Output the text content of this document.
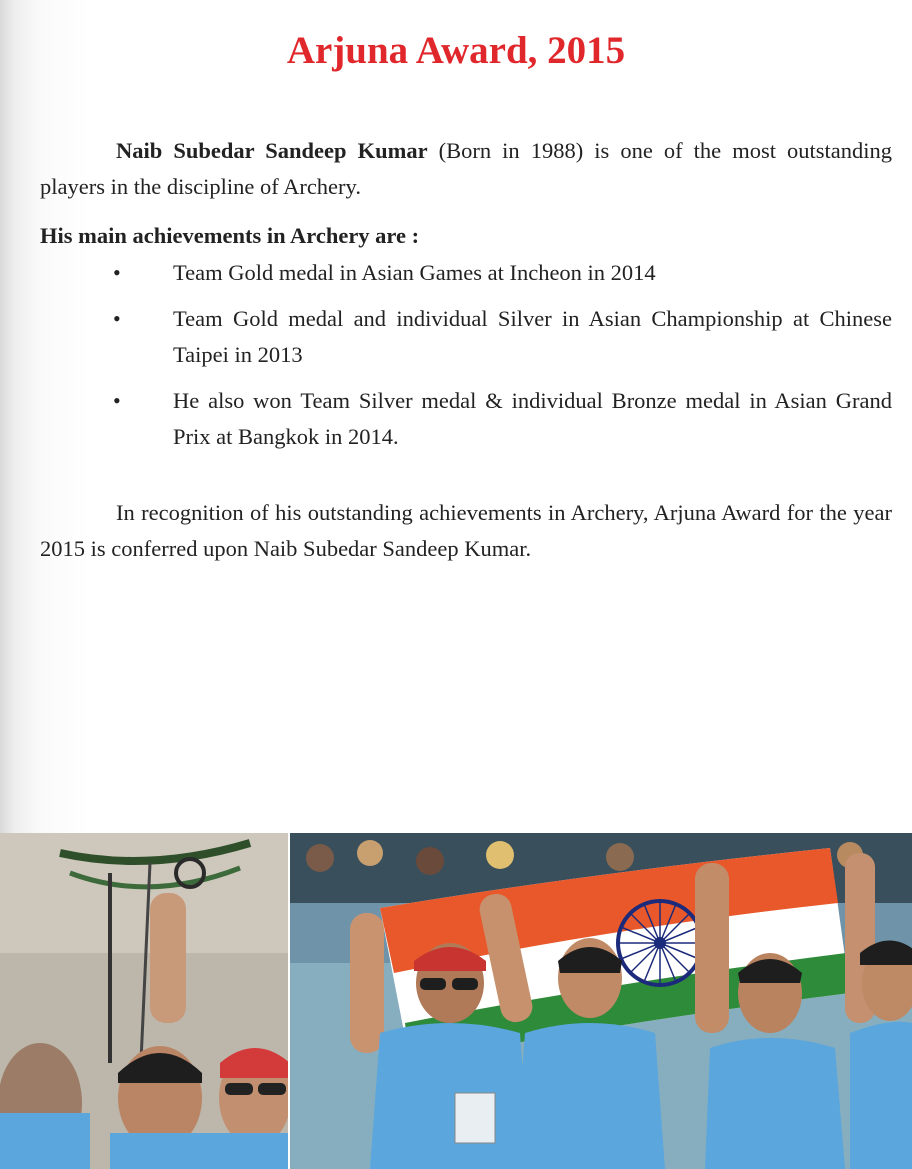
Arjuna Award, 2015

Naib Subedar Sandeep Kumar (Born in 1988) is one of the most outstanding players in the discipline of Archery.

His main achievements in Archery are :
• Team Gold medal in Asian Games at Incheon in 2014
• Team Gold medal and individual Silver in Asian Championship at Chinese Taipei in 2013
• He also won Team Silver medal & individual Bronze medal in Asian Grand Prix at Bangkok in 2014.

In recognition of his outstanding achievements in Archery, Arjuna Award for the year 2015 is conferred upon Naib Subedar Sandeep Kumar.
